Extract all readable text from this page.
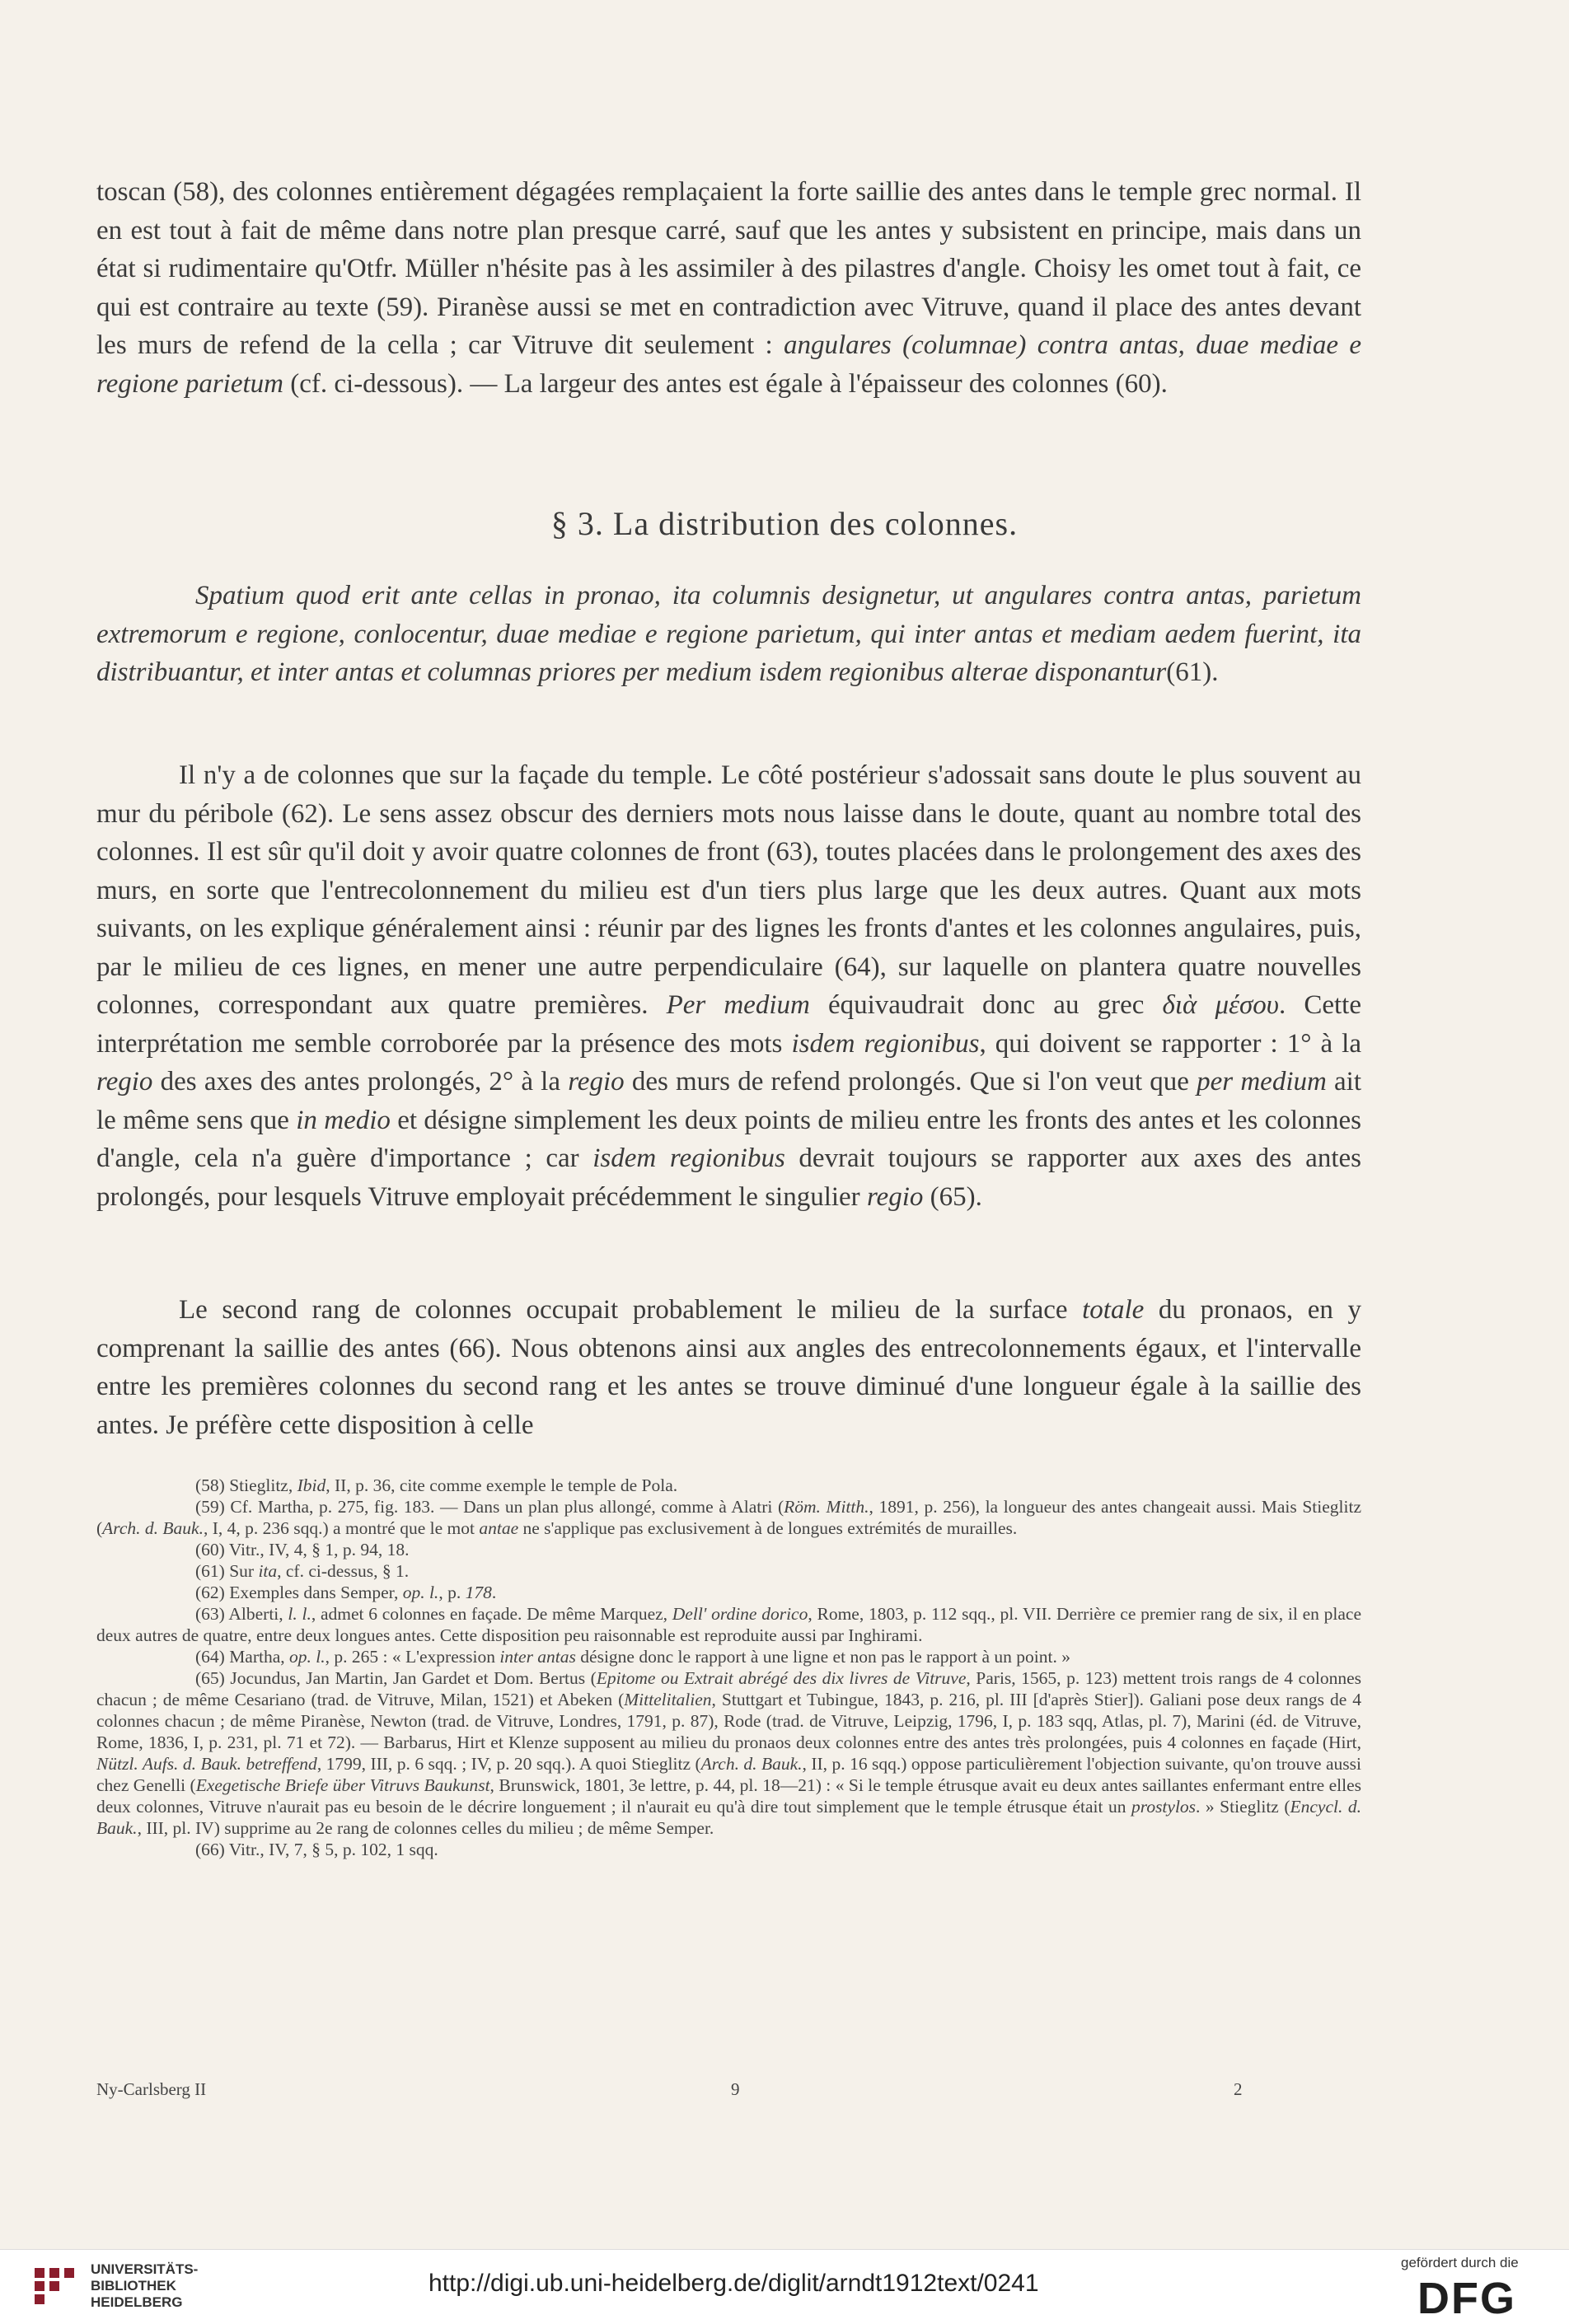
toscan (58), des colonnes entièrement dégagées remplaçaient la forte saillie des antes dans le temple grec normal. Il en est tout à fait de même dans notre plan presque carré, sauf que les antes y subsistent en principe, mais dans un état si rudimentaire qu'Otfr. Müller n'hésite pas à les assimiler à des pilastres d'angle. Choisy les omet tout à fait, ce qui est contraire au texte (59). Piranèse aussi se met en contradiction avec Vitruve, quand il place des antes devant les murs de refend de la cella ; car Vitruve dit seulement : angulares (columnae) contra antas, duae mediae e regione parietum (cf. ci-dessous). — La largeur des antes est égale à l'épaisseur des colonnes (60).

§ 3. La distribution des colonnes.

Spatium quod erit ante cellas in pronao, ita columnis designetur, ut angulares contra antas, parietum extremorum e regione, conlocentur, duae mediae e regione parietum, qui inter antas et mediam aedem fuerint, ita distribuantur, et inter antas et columnas priores per medium isdem regionibus alterae disponantur(61).

Il n'y a de colonnes que sur la façade du temple. Le côté postérieur s'adossait sans doute le plus souvent au mur du péribole (62). Le sens assez obscur des derniers mots nous laisse dans le doute, quant au nombre total des colonnes. Il est sûr qu'il doit y avoir quatre colonnes de front (63), toutes placées dans le prolongement des axes des murs, en sorte que l'entrecolonnement du milieu est d'un tiers plus large que les deux autres. Quant aux mots suivants, on les explique généralement ainsi : réunir par des lignes les fronts d'antes et les colonnes angulaires, puis, par le milieu de ces lignes, en mener une autre perpendiculaire (64), sur laquelle on plantera quatre nouvelles colonnes, correspondant aux quatre premières. Per medium équivaudrait donc au grec διὰ μέσου. Cette interprétation me semble corroborée par la présence des mots isdem regionibus, qui doivent se rapporter : 1° à la regio des axes des antes prolongés, 2° à la regio des murs de refend prolongés. Que si l'on veut que per medium ait le même sens que in medio et désigne simplement les deux points de milieu entre les fronts des antes et les colonnes d'angle, cela n'a guère d'importance ; car isdem regionibus devrait toujours se rapporter aux axes des antes prolongés, pour lesquels Vitruve employait précédemment le singulier regio (65).

Le second rang de colonnes occupait probablement le milieu de la surface totale du pronaos, en y comprenant la saillie des antes (66). Nous obtenons ainsi aux angles des entrecolonnements égaux, et l'intervalle entre les premières colonnes du second rang et les antes se trouve diminué d'une longueur égale à la saillie des antes. Je préfère cette disposition à celle

(58) Stieglitz, Ibid, II, p. 36, cite comme exemple le temple de Pola.

(59) Cf. Martha, p. 275, fig. 183. — Dans un plan plus allongé, comme à Alatri (Röm. Mitth., 1891, p. 256), la longueur des antes changeait aussi. Mais Stieglitz (Arch. d. Bauk., I, 4, p. 236 sqq.) a montré que le mot antae ne s'applique pas exclusivement à de longues extrémités de murailles.

(60) Vitr., IV, 4, § 1, p. 94, 18.

(61) Sur ita, cf. ci-dessus, § 1.

(62) Exemples dans Semper, op. l., p. 178.

(63) Alberti, l. l., admet 6 colonnes en façade. De même Marquez, Dell' ordine dorico, Rome, 1803, p. 112 sqq., pl. VII. Derrière ce premier rang de six, il en place deux autres de quatre, entre deux longues antes. Cette disposition peu raisonnable est reproduite aussi par Inghirami.

(64) Martha, op. l., p. 265 : « L'expression inter antas désigne donc le rapport à une ligne et non pas le rapport à un point. »

(65) Jocundus, Jan Martin, Jan Gardet et Dom. Bertus (Epitome ou Extrait abrégé des dix livres de Vitruve, Paris, 1565, p. 123) mettent trois rangs de 4 colonnes chacun ; de même Cesariano (trad. de Vitruve, Milan, 1521) et Abeken (Mittelitalien, Stuttgart et Tubingue, 1843, p. 216, pl. III [d'après Stier]). Galiani pose deux rangs de 4 colonnes chacun ; de même Piranèse, Newton (trad. de Vitruve, Londres, 1791, p. 87), Rode (trad. de Vitruve, Leipzig, 1796, I, p. 183 sqq, Atlas, pl. 7), Marini (éd. de Vitruve, Rome, 1836, I, p. 231, pl. 71 et 72). — Barbarus, Hirt et Klenze supposent au milieu du pronaos deux colonnes entre des antes très prolongées, puis 4 colonnes en façade (Hirt, Nützl. Aufs. d. Bauk. betreffend, 1799, III, p. 6 sqq. ; IV, p. 20 sqq.). A quoi Stieglitz (Arch. d. Bauk., II, p. 16 sqq.) oppose particulièrement l'objection suivante, qu'on trouve aussi chez Genelli (Exegetische Briefe über Vitruvs Baukunst, Brunswick, 1801, 3e lettre, p. 44, pl. 18—21) : « Si le temple étrusque avait eu deux antes saillantes enfermant entre elles deux colonnes, Vitruve n'aurait pas eu besoin de le décrire longuement ; il n'aurait eu qu'à dire tout simplement que le temple étrusque était un prostylos. » Stieglitz (Encycl. d. Bauk., III, pl. IV) supprime au 2e rang de colonnes celles du milieu ; de même Semper.

(66) Vitr., IV, 7, § 5, p. 102, 1 sqq.

Ny-Carlsberg II	9	2
UNIVERSITÄTS-
BIBLIOTHEK
HEIDELBERG
http://digi.ub.uni-heidelberg.de/diglit/arndt1912text/0241
gefördert durch die
DFG
